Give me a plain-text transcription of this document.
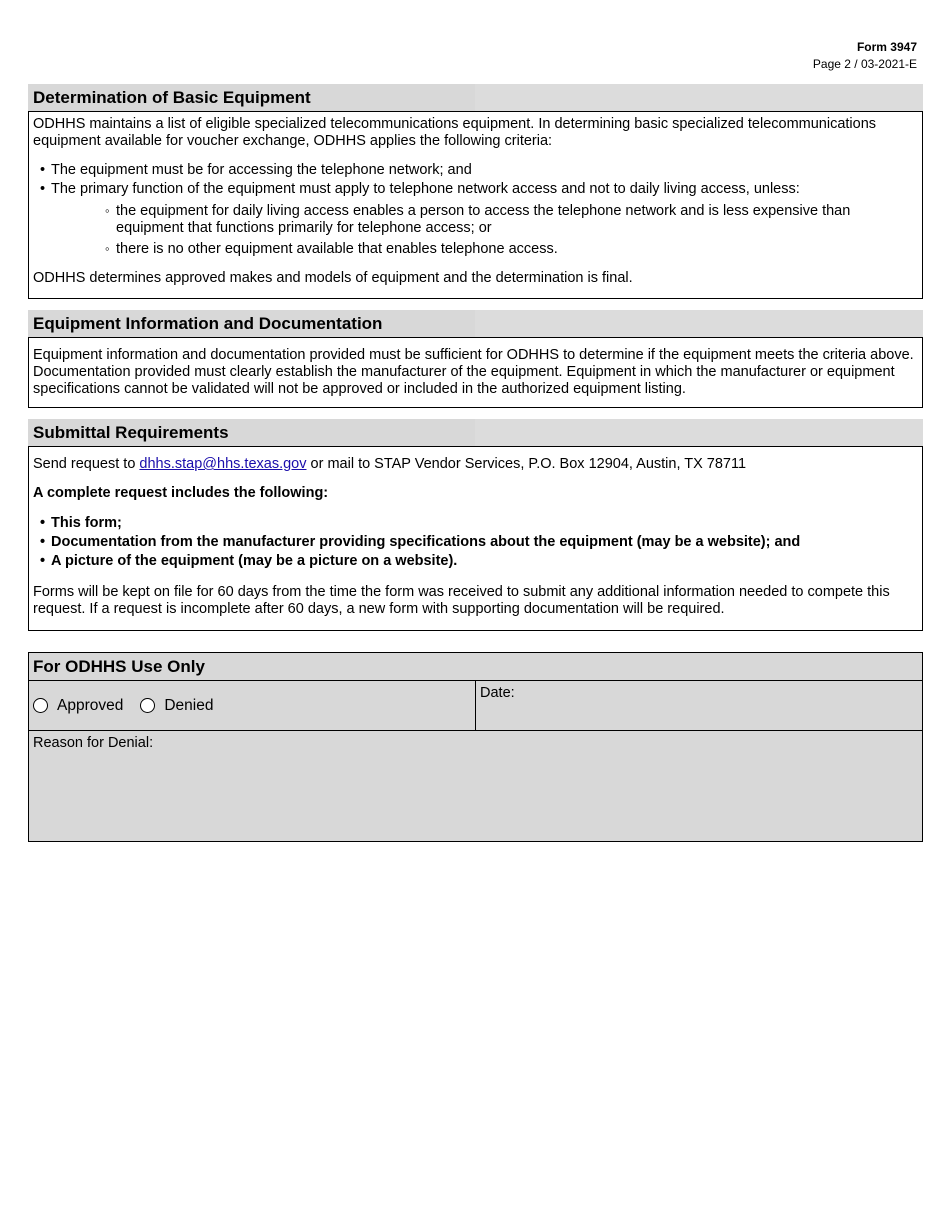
Form 3947
Page 2 / 03-2021-E
Determination of Basic Equipment

ODHHS maintains a list of eligible specialized telecommunications equipment. In determining basic specialized telecommunications equipment available for voucher exchange, ODHHS applies the following criteria:

• The equipment must be for accessing the telephone network; and
• The primary function of the equipment must apply to telephone network access and not to daily living access, unless:
◦ the equipment for daily living access enables a person to access the telephone network and is less expensive than equipment that functions primarily for telephone access; or
◦ there is no other equipment available that enables telephone access.

ODHHS determines approved makes and models of equipment and the determination is final.

Equipment Information and Documentation

Equipment information and documentation provided must be sufficient for ODHHS to determine if the equipment meets the criteria above. Documentation provided must clearly establish the manufacturer of the equipment. Equipment in which the manufacturer or equipment specifications cannot be validated will not be approved or included in the authorized equipment listing.

Submittal Requirements

Send request to dhhs.stap@hhs.texas.gov or mail to STAP Vendor Services, P.O. Box 12904, Austin, TX 78711

A complete request includes the following:

• This form;
• Documentation from the manufacturer providing specifications about the equipment (may be a website); and
• A picture of the equipment (may be a picture on a website).

Forms will be kept on file for 60 days from the time the form was received to submit any additional information needed to compete this request. If a request is incomplete after 60 days, a new form with supporting documentation will be required.

For ODHHS Use Only
Approved	Denied
Date:
Reason for Denial:
